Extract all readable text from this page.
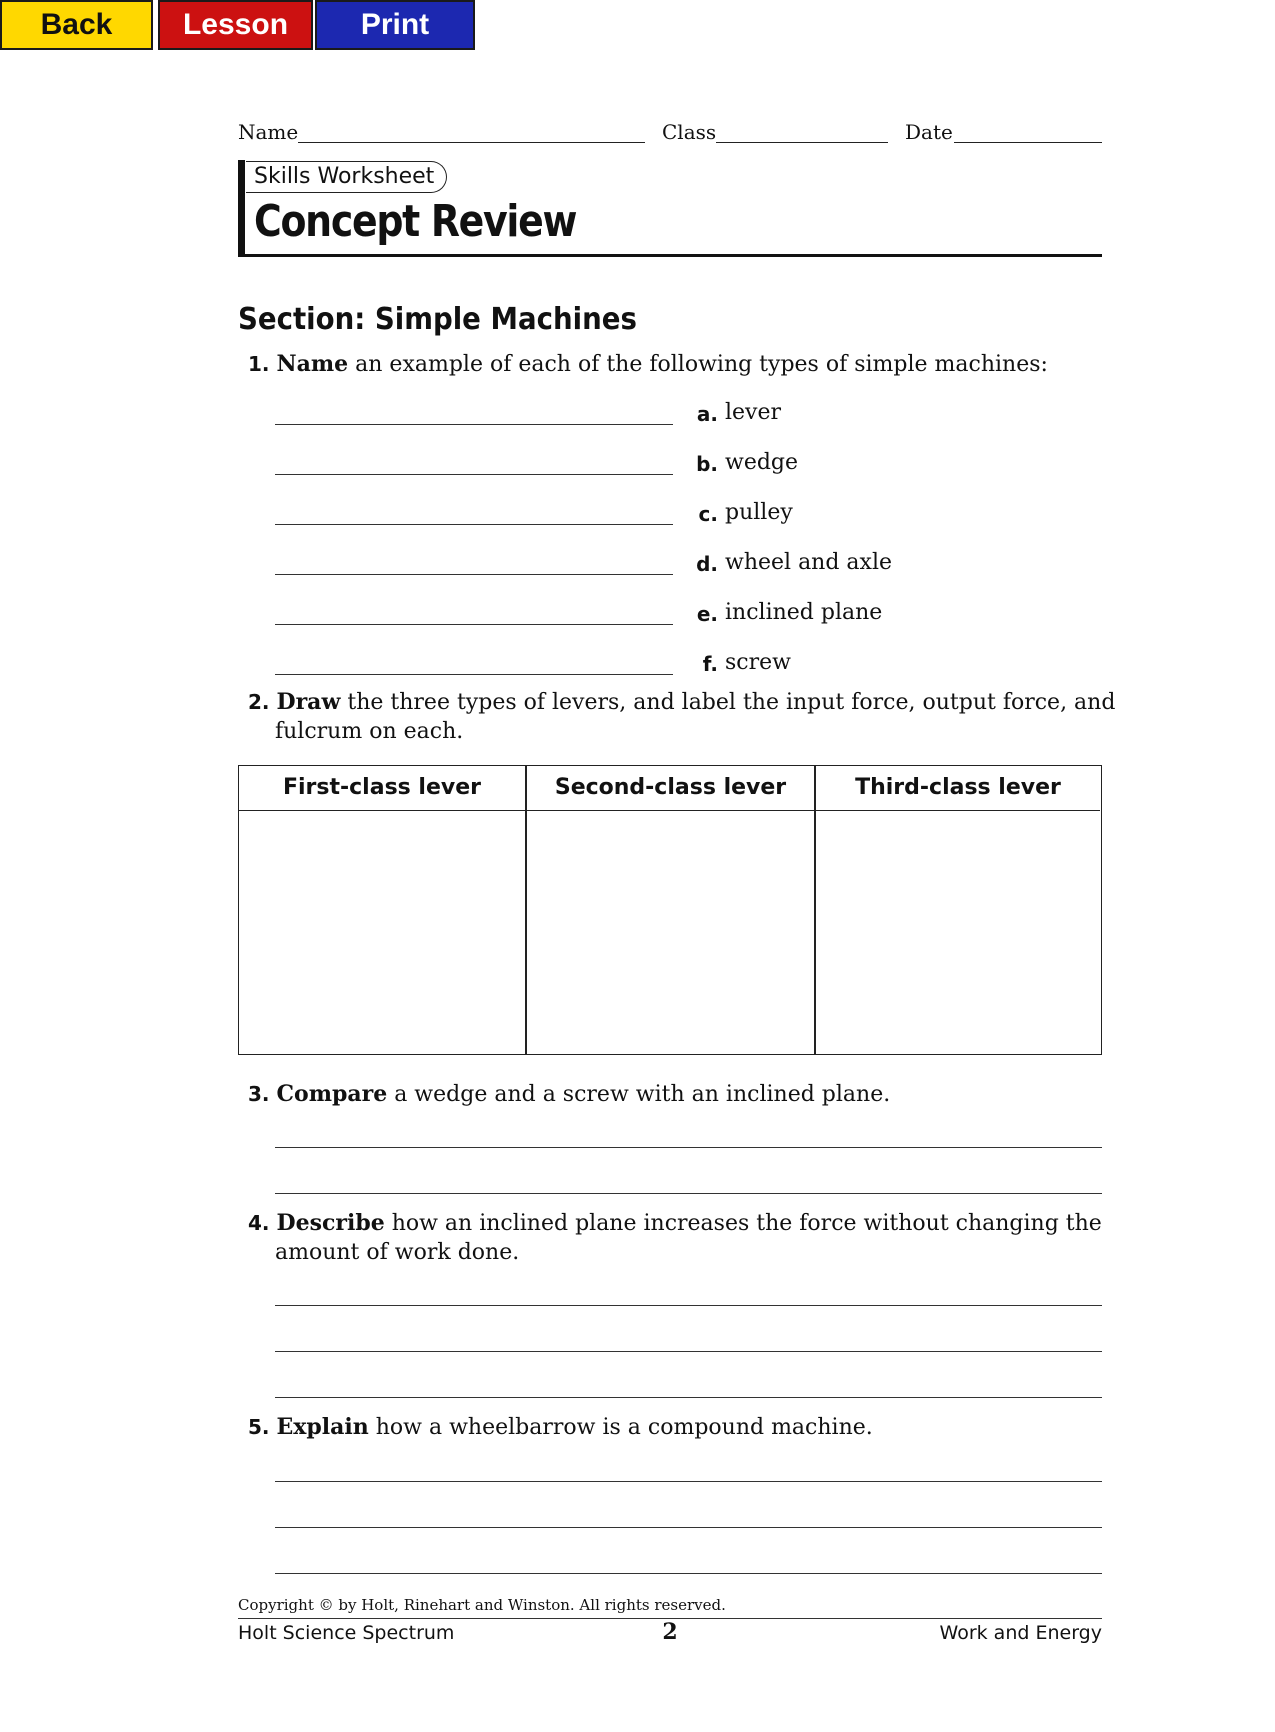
Back	Lesson	Print
Name	Class	Date
Skills Worksheet
Concept Review
Section: Simple Machines
1. Name an example of each of the following types of simple machines:
a. lever
b. wedge
c. pulley
d. wheel and axle
e. inclined plane
f. screw
2. Draw the three types of levers, and label the input force, output force, and
fulcrum on each.
First-class lever	Second-class lever	Third-class lever
3. Compare a wedge and a screw with an inclined plane.
4. Describe how an inclined plane increases the force without changing the
amount of work done.
5. Explain how a wheelbarrow is a compound machine.
Copyright © by Holt, Rinehart and Winston. All rights reserved.
Holt Science Spectrum	2	Work and Energy
